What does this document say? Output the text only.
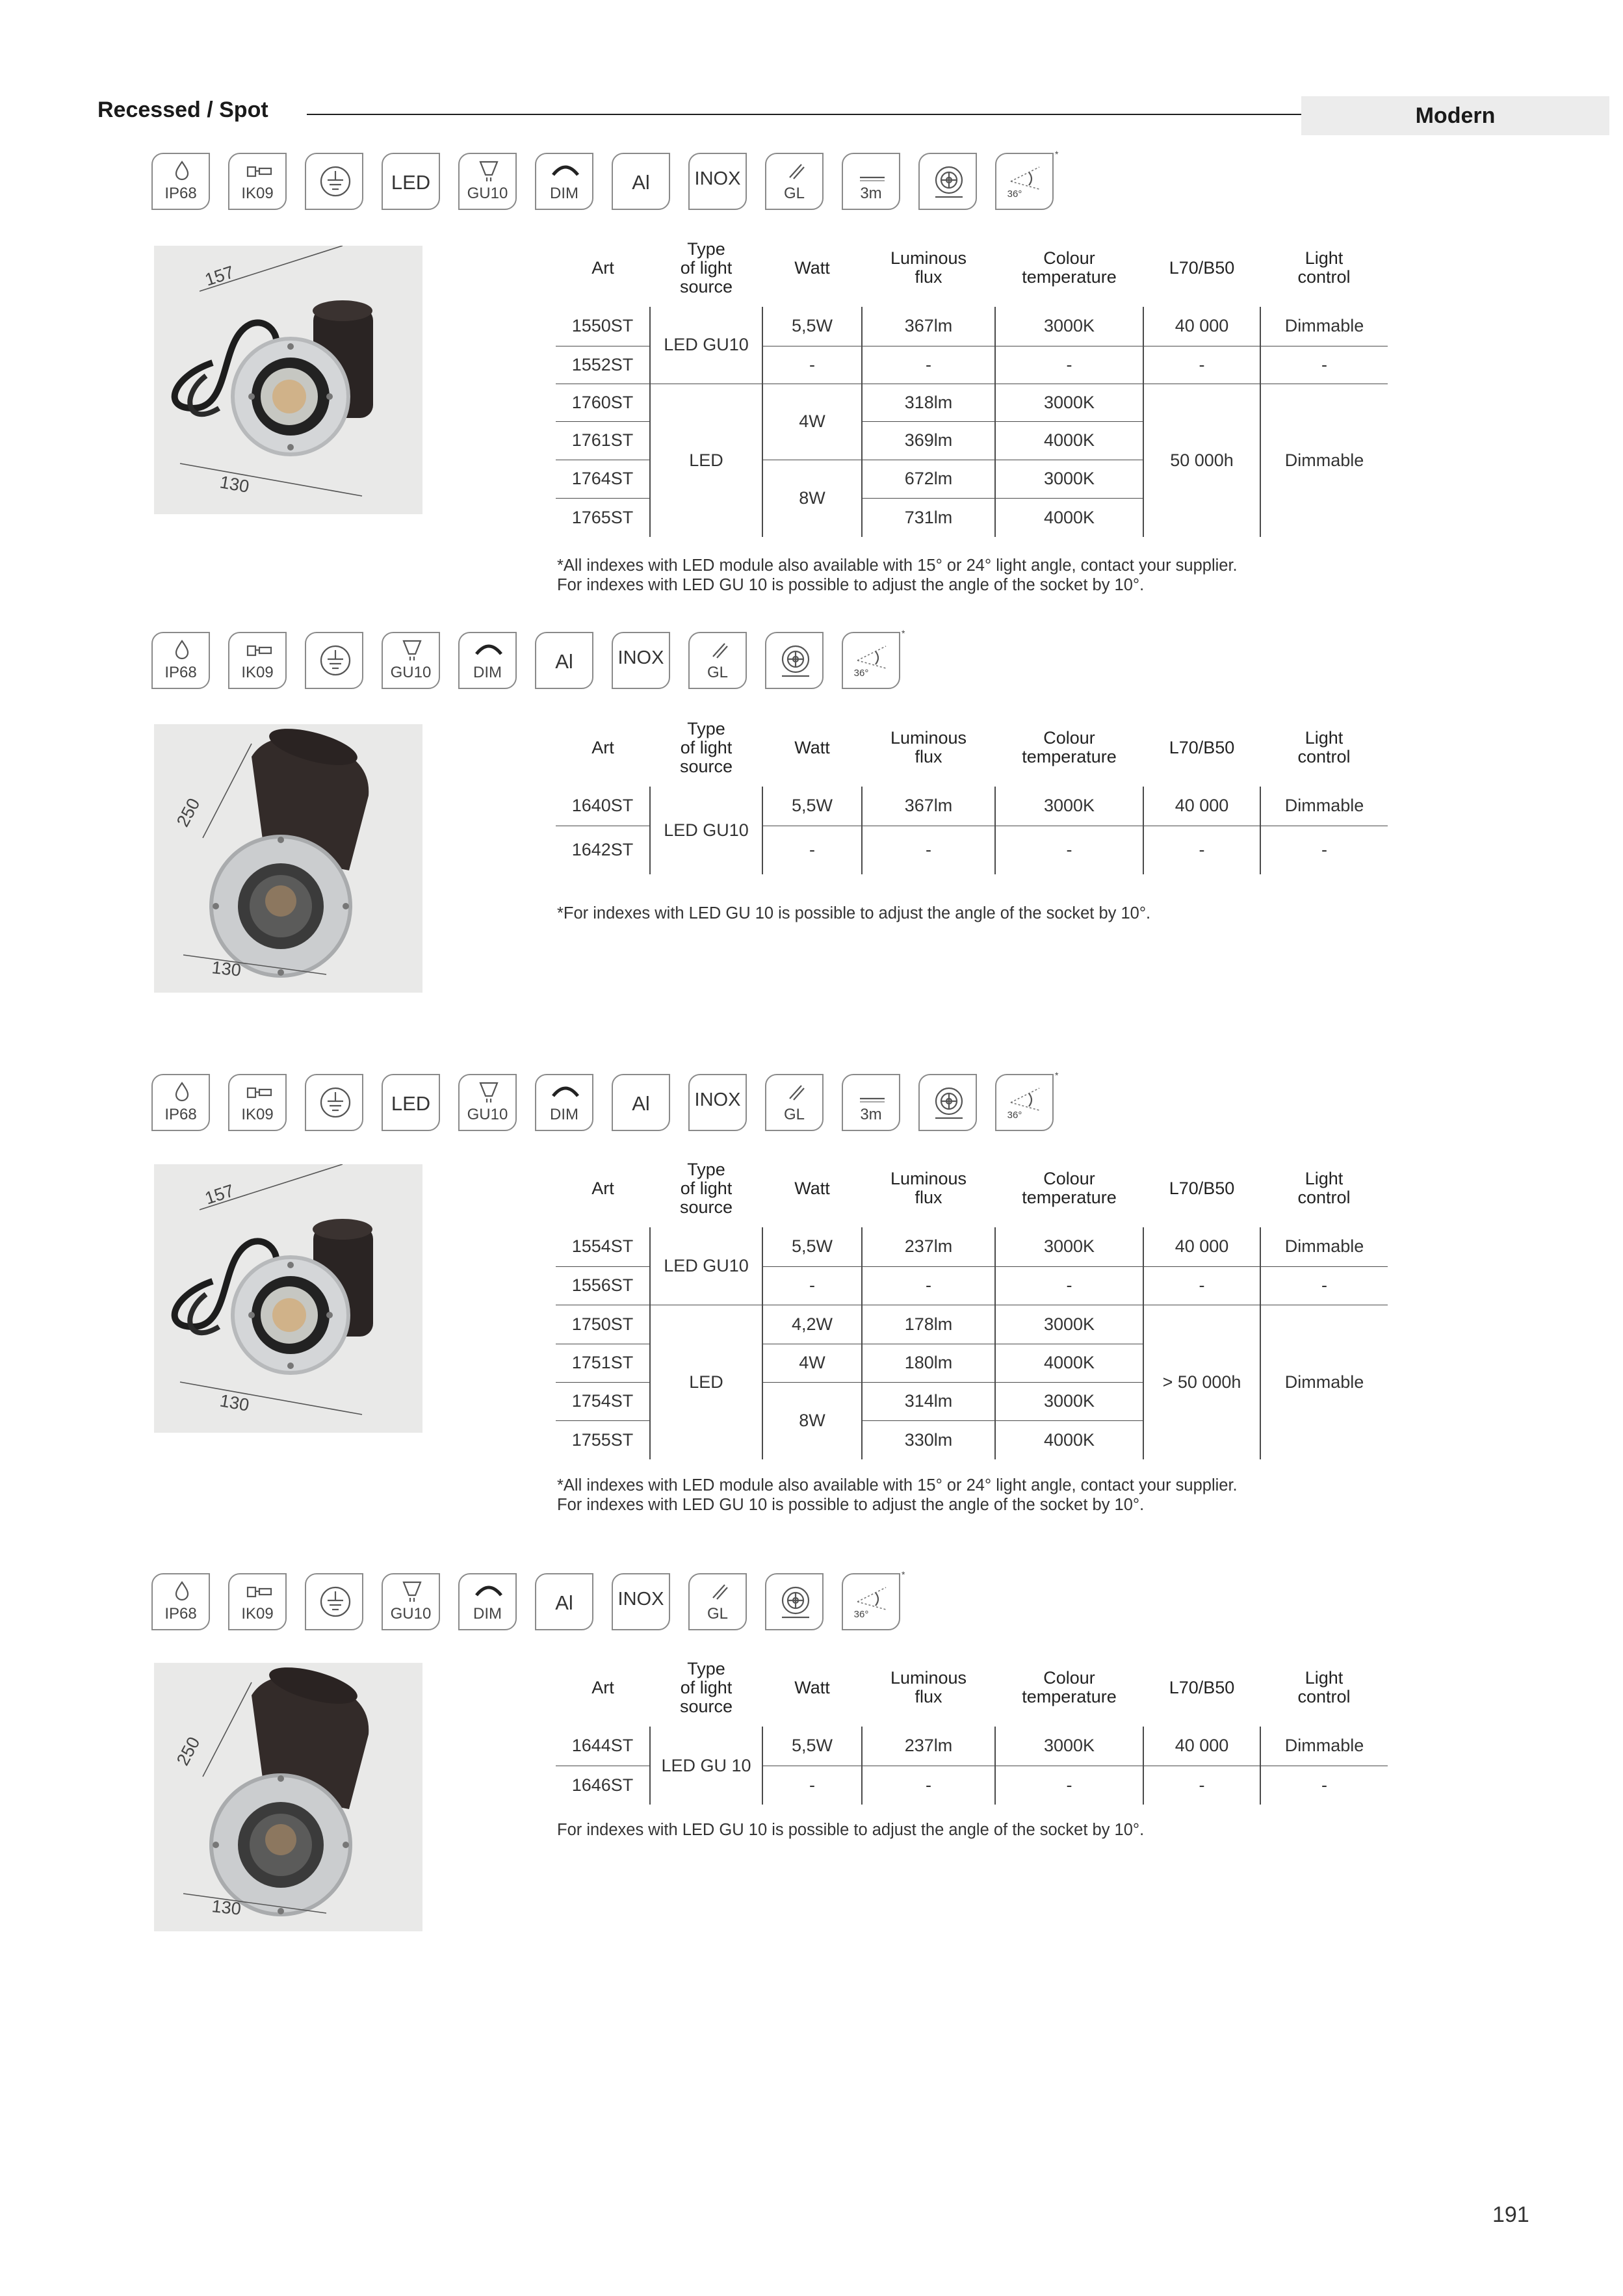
Recessed / Spot	Modern
IP68	IK09	LED	GU10	DIM	Al	INOX
GL	3m	36°
*
157
130
Art	Type
of light
source	Watt	Luminous
flux	Colour
temperature	L70/B50	Light
control
1550ST	LED GU10	5,5W	367lm	3000K	40 000	Dimmable
1552ST		-	-	-	-	-
1760ST	LED	4W	318lm	3000K	50 000h	Dimmable
1761ST			369lm	4000K		
1764ST		8W	672lm	3000K		
1765ST			731lm	4000K		
*All indexes with LED module also available with 15° or 24° light angle, contact your supplier.
For indexes with LED GU 10 is possible to adjust the angle of the socket by 10°.
IP68	IK09	GU10	DIM	Al	INOX
GL	36°
*
250
130
Art	Type
of light
source	Watt	Luminous
flux	Colour
temperature	L70/B50	Light
control
1640ST	LED GU10	5,5W	367lm	3000K	40 000	Dimmable
1642ST		-	-	-	-	-
*For indexes with LED GU 10 is possible to adjust the angle of the socket by 10°.
IP68	IK09	LED	GU10	DIM	Al	INOX
GL	3m	36°
*
157
130
Art	Type
of light
source	Watt	Luminous
flux	Colour
temperature	L70/B50	Light
control
1554ST	LED GU10	5,5W	237lm	3000K	40 000	Dimmable
1556ST		-	-	-	-	-
1750ST	LED	4,2W	178lm	3000K	> 50 000h	Dimmable
1751ST		4W	180lm	4000K		
1754ST		8W	314lm	3000K		
1755ST			330lm	4000K		
*All indexes with LED module also available with 15° or 24° light angle, contact your supplier.
For indexes with LED GU 10 is possible to adjust the angle of the socket by 10°.
IP68	IK09	GU10	DIM	Al	INOX
GL	36°
*
250
130
Art	Type
of light
source	Watt	Luminous
flux	Colour
temperature	L70/B50	Light
control
1644ST	LED GU 10	5,5W	237lm	3000K	40 000	Dimmable
1646ST		-	-	-	-	-
For indexes with LED GU 10 is possible to adjust the angle of the socket by 10°.
191
